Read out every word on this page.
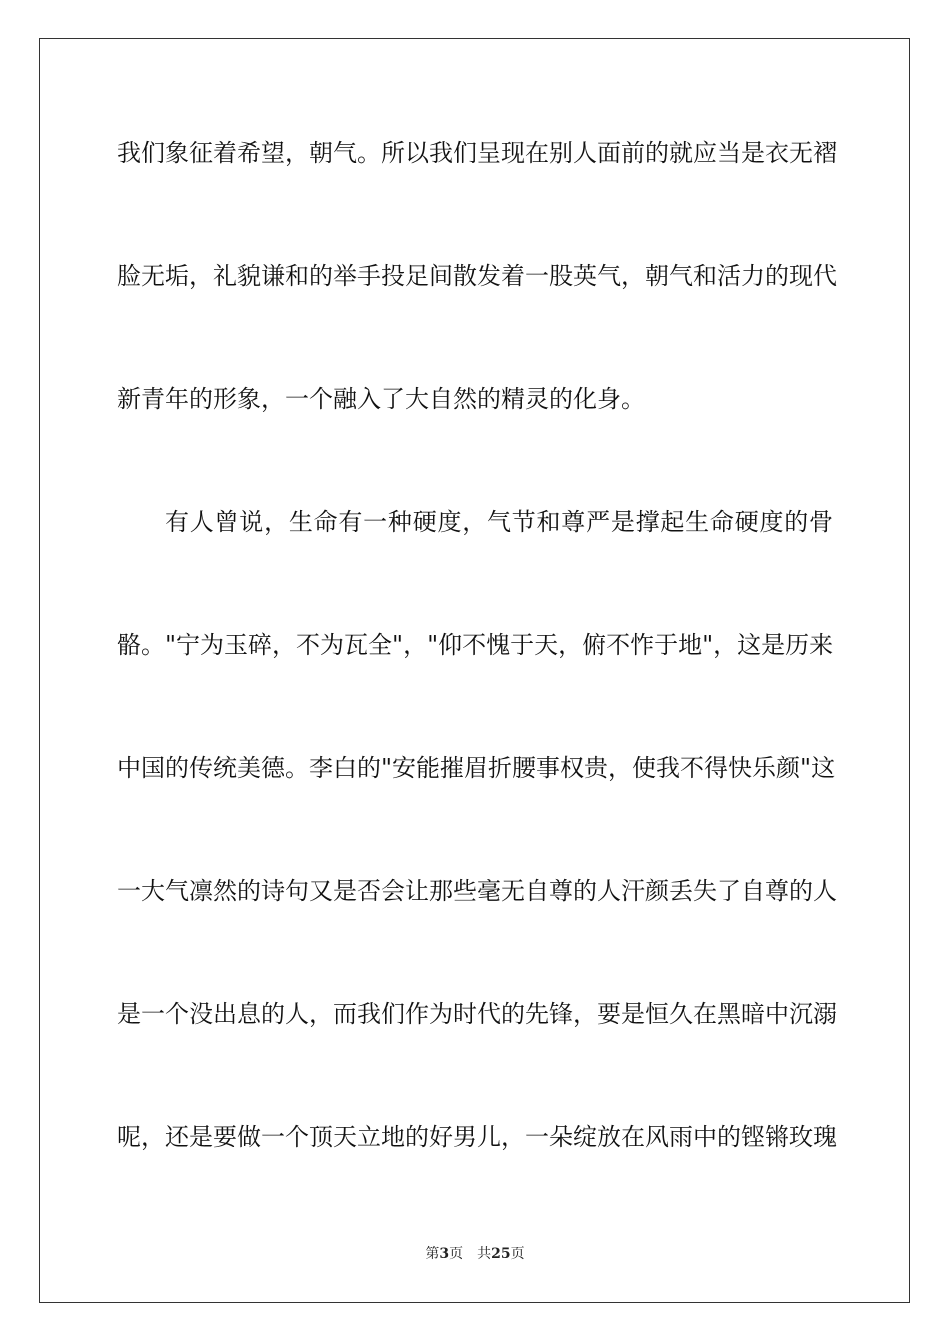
我们象征着希望，朝气。所以我们呈现在别人面前的就应当是衣无褶
脸无垢，礼貌谦和的举手投足间散发着一股英气，朝气和活力的现代
新青年的形象，一个融入了大自然的精灵的化身。
有人曾说，生命有一种硬度，气节和尊严是撑起生命硬度的骨
骼。"宁为玉碎，不为瓦全"，"仰不愧于天，俯不怍于地"，这是历来
中国的传统美德。李白的"安能摧眉折腰事权贵，使我不得快乐颜"这
一大气凛然的诗句又是否会让那些毫无自尊的人汗颜丢失了自尊的人
是一个没出息的人，而我们作为时代的先锋，要是恒久在黑暗中沉溺
呢，还是要做一个顶天立地的好男儿，一朵绽放在风雨中的铿锵玫瑰
第3页 共25页
